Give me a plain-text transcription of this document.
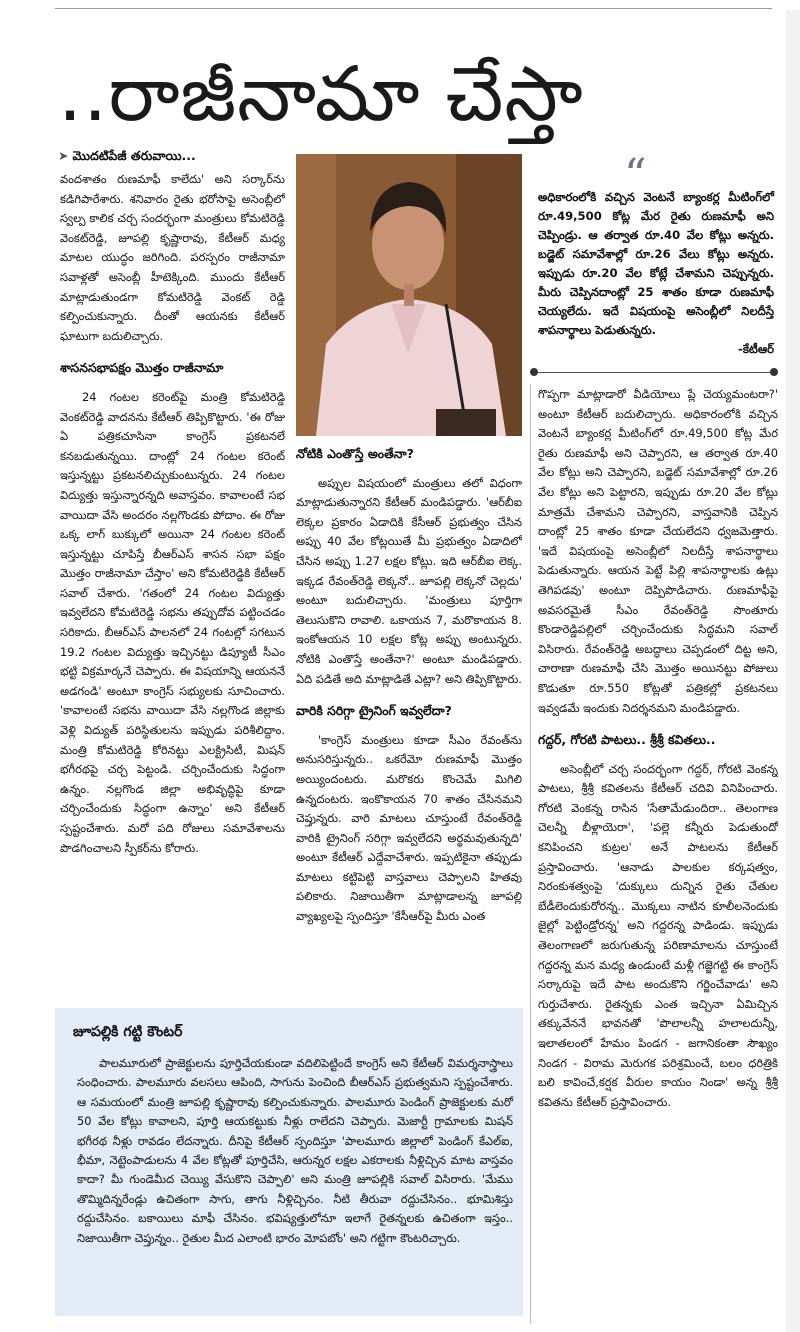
..రాజీనామా చేస్తా
➤ మొదటిపేజీ తరువాయి...

వందశాతం రుణమాఫీ కాలేదు' అని సర్కార్‌ను కడిగిపారేశారు. శనివారం రైతు భరోసాపై అసెంబ్లీలో స్వల్ప కాలిక చర్చ సందర్భంగా మంత్రులు కోమటిరెడ్డి వెంకట్‌రెడ్డి, జూపల్లి కృష్ణారావు, కేటీఆర్ మధ్య మాటల యుద్ధం జరిగింది. పరస్పరం రాజీనామా సవాళ్లతో అసెంబ్లీ హీటెక్కింది. ముందు కేటీఆర్ మాట్లాడుతుండగా కోమటిరెడ్డి వెంకట్ రెడ్డి కల్పించుకున్నారు. దీంతో ఆయనకు కేటీఆర్ ఘాటుగా బదులిచ్చారు.

శాసనసభాపక్షం మొత్తం రాజీనామా

24 గంటల కరెంట్‌పై మంత్రి కోమటిరెడ్డి వెంకట్‌రెడ్డి వాదనను కేటీఆర్ తిప్పికొట్టారు. 'ఈ రోజు ఏ పత్రికచూసినా కాంగ్రెస్ ప్రకటనలే కనబడుతున్నయి. దాంట్లో 24 గంటల కరెంట్ ఇస్తున్నట్టు ప్రకటనలిచ్చుకుంటున్నరు. 24 గంటల విద్యుత్తు ఇస్తున్నారన్నది అవాస్తవం. కావాలంటే సభ వాయిదా వేసి అందరం నల్లగొండకు పోదాం. ఈ రోజు ఒక్క లాగ్ బుక్కులో అయినా 24 గంటల కరెంట్ ఇస్తున్నట్టు చూపిస్తే బీఆర్ఎస్ శాసన సభా పక్షం మొత్తం రాజీనామా చేస్తాం' అని కోమటిరెడ్డికి కేటీఆర్ సవాల్ చేశారు. 'గతంలో 24 గంటల విద్యుత్తు ఇవ్వలేదని కోమటిరెడ్డి సభను తప్పుదోవ పట్టించడం సరికాదు. బీఆర్ఎస్ పాలనలో 24 గంటల్లో సగటున 19.2 గంటల విద్యుత్తు ఇచ్చినట్టు డిప్యూటీ సీఎం భట్టి విక్రమార్కనే చెప్పారు. ఈ విషయాన్ని ఆయననే అడగండి' అంటూ కాంగ్రెస్ సభ్యులకు సూచించారు. 'కావాలంటే సభను వాయిదా వేసి నల్లగొండ జిల్లాకు వెళ్లి విద్యుత్ పరిస్థితులను ఇప్పుడు పరిశీలిద్దాం. మంత్రి కోమటిరెడ్డి కోరినట్టు ఎలక్ట్రిసిటీ, మిషన్ భగీరథపై చర్చ పెట్టండి. చర్చించేందుకు సిద్ధంగా ఉన్నం. నల్లగొండ జిల్లా అభివృద్ధిపై కూడా చర్చించేందుకు సిద్ధంగా ఉన్నాం' అని కేటీఆర్ స్పష్టంచేశారు. మరో పది రోజులు సమావేశాలను పొడగించాలని స్పీకర్‌ను కోరారు.

“
అధికారంలోకి వచ్చిన వెంటనే బ్యాంకర్ల మీటింగ్‌లో రూ.49,500 కోట్ల మేర రైతు రుణమాఫీ అని చెప్పిండ్రు. ఆ తర్వాత రూ.40 వేల కోట్లు అన్నరు. బడ్జెట్ సమావేశాల్లో రూ.26 వేలు కోట్లు అన్నరు. ఇప్పుడు రూ.20 వేల కోట్లే చేశామని చెప్పున్నరు. మీరు చెప్పినదాంట్లో 25 శాతం కూడా రుణమాఫీ చెయ్యలేదు. ఇదే విషయంపై అసెంబ్లీలో నిలదీస్తే శాపనార్థాలు పెడుతున్నరు.
-కేటీఆర్

నోటికి ఎంతొస్తే అంతేనా?

అప్పుల విషయంలో మంత్రులు తలో విధంగా మాట్లాడుతున్నారని కేటీఆర్ మండిపడ్డారు. 'ఆర్‌బీఐ లెక్కల ప్రకారం ఏడాదికి కేసీఆర్ ప్రభుత్వం చేసిన అప్పు 40 వేల కోట్లయితే మీ ప్రభుత్వం ఏడాదిలో చేసిన అప్పు 1.27 లక్షల కోట్లు. ఇది ఆర్‌బీఐ లెక్క. ఇక్కడ రేవంత్‌రెడ్డి లెక్కనో.. జూపల్లి లెక్కనో చెల్లదు' అంటూ బదులిచ్చారు. 'మంత్రులు పూర్తిగా తెలుసుకొని రావాలి. ఒకాయన 7, మరొకాయన 8. ఇంకోఆయన 10 లక్షల కోట్ల అప్పు అంటున్నరు. నోటికి ఎంతొస్తే అంతేనా?' అంటూ మండిపడ్డారు. ఏది పడితే అది మాట్లాడితే ఎట్లా? అని తిప్పికొట్టారు.

వారికి సరిగ్గా ట్రైనింగ్ ఇవ్వలేదా?

'కాంగ్రెస్ మంత్రులు కూడా సీఎం రేవంత్‌ను అనుసరిస్తున్నరు.. ఒకరేమో రుణమాఫీ మొత్తం అయ్యిందంటరు. మరొకరు కొంచెమే మిగిలి ఉన్నదంటరు. ఇంకొకాయన 70 శాతం చేసినమని చెప్తున్నరు. వారి మాటలు చూస్తుంటే రేవంత్‌రెడ్డి వారికి ట్రైనింగ్ సరిగ్గా ఇవ్వలేదని అర్థమవుతున్నది' అంటూ కేటీఆర్ ఎద్దేవాచేశారు. ఇప్పటికైనా తప్పుడు మాటలు కట్టిపెట్టి వాస్తవాలు చెప్పాలని హితవు పలికారు. నిజాయితీగా మాట్లాడాలన్న జూపల్లి వ్యాఖ్యలపై స్పందిస్తూ 'కేసీఆర్‌పై మీరు ఎంత

గొప్పగా మాట్లాడారో వీడియోలు ప్లే చెయ్యమంటరా?' అంటూ కేటీఆర్ బదులిచ్చారు. అధికారంలోకి వచ్చిన వెంటనే బ్యాంకర్ల మీటింగ్‌లో రూ.49,500 కోట్ల మేర రైతు రుణమాఫీ అని చెప్పారని, ఆ తర్వాత రూ.40 వేల కోట్లు అని చెప్పారని, బడ్జెట్ సమావేశాల్లో రూ.26 వేల కోట్లు అని పెట్టారని, ఇప్పుడు రూ.20 వేల కోట్లు మాత్రమే చేశామని చెప్పారని, వాస్తవానికి చెప్పిన దాంట్లో 25 శాతం కూడా చేయలేదని ధ్వజమెత్తారు. 'ఇదే విషయంపై అసెంబ్లీలో నిలదీస్తే శాపనార్థాలు పెడుతున్నారు. ఆయన పెట్టే పిల్లి శాపనార్థాలకు ఉట్లు తెగిపడవు' అంటూ దెప్పిపొడిచారు. రుణమాఫీపై అవసరమైతే సీఎం రేవంత్‌రెడ్డి సొంతూరు కొండారెడ్డిపల్లిలో చర్చించేందుకు సిద్ధమని సవాల్ విసిరారు. రేవంత్‌రెడ్డి అబద్ధాలు చెప్పడంలో దిట్ట అని, చారాణా రుణమాఫీ చేసి మొత్తం అయినట్టు పోజులు కొడుతూ రూ.550 కోట్లతో పత్రికల్లో ప్రకటనలు ఇవ్వడమే ఇందుకు నిదర్శనమని మండిపడ్డారు.

గద్దర్, గోరటి పాటలు.. శ్రీశ్రీ కవితలు..

అసెంబ్లీలో చర్చ సందర్భంగా గద్దర్, గోరటి వెంకన్న పాటలు, శ్రీశ్రీ కవితలను కేటీఆర్ చదివి వినిపించారు. గోరటి వెంకన్న రాసిన 'సేతామేడుందిరా.. తెలంగాణ చెలన్నీ బీళ్లాయెరా', 'పల్లె కన్నీరు పెడుతుందో కనిపించని కుట్రల' అనే పాటలను కేటీఆర్ ప్రస్తావించారు. 'ఆనాడు పాలకుల కర్కషత్వం, నిరంకుశత్వంపై 'దుక్కులు దున్నిన రైతు చేతుల బేడీలెందుకురోరన్న.. మొక్కలు నాటిన కూలీలనెందుకు జైల్లో పెట్టిండ్రోరన్న' అని గద్దరన్న పాడిండు. ఇప్పుడు తెలంగాణలో జరుగుతున్న పరిణామాలను చూస్తుంటే గద్దరన్న మన మధ్య ఉండుంటే మళ్లీ గజ్జెగట్టి ఈ కాంగ్రెస్ సర్కారుపై ఇదే పాట అందుకొని గర్జించేవాడు' అని గుర్తుచేశారు. రైతన్నకు ఎంత ఇచ్చినా ఏమిచ్చిన తక్కువేననే భావనతో 'పొలాలన్నీ హలాలదున్నీ, ఇలాతలంలో హేమం పిండగ - జగానికంతా సౌఖ్యం నిండగ - విరామ మెరుగక పరిశ్రమించే, బలం ధరిత్రికి బలి కావించే,కర్షక వీరుల కాయం నిండా' అన్న శ్రీశ్రీ కవితను కేటీఆర్ ప్రస్తావించారు.

జూపల్లికి గట్టి కౌంటర్

పాలమూరులో ప్రాజెక్టులను పూర్తిచేయకుండా వదిలిపెట్టిందే కాంగ్రెస్ అని కేటీఆర్ విమర్శనాస్త్రాలు సంధించారు. పాలమూరు వలసలు ఆపింది, సాగును పెంచింది బీఆర్ఎస్ ప్రభుత్వమని స్పష్టంచేశారు. ఆ సమయంలో మంత్రి జూపల్లి కృష్ణారావు కల్పించుకున్నారు. పాలమూరు పెండింగ్ ప్రాజెక్టులకు మరో 50 వేల కోట్లు కావాలని, పూర్తి ఆయకట్టుకు నీళ్లు రాలేదని చెప్పారు. మెజార్టీ గ్రామాలకు మిషన్ భగీరథ నీళ్లు రావడం లేదన్నారు. దీనిపై కేటీఆర్ స్పందిస్తూ 'పాలమూరు జిల్లాలో పెండింగ్ కేఎల్ఐ, భీమా, నెట్టెంపాడులను 4 వేల కోట్లతో పూర్తిచేసి, ఆరున్నర లక్షల ఎకరాలకు నీళ్లిచ్చిన మాట వాస్తవం కాదా? మీ గుండెమీద చెయ్యి వేసుకొని చెప్పాలి' అని మంత్రి జూపల్లికి సవాల్ విసిరారు. 'మేము తొమ్మిదిన్నరేండ్లు ఉచితంగా సాగు, తాగు నీళ్లిచ్చినం. నీటి తీరువా రద్దుచేసినం.. భూమిశిస్తు రద్దుచేసినం. బకాయిలు మాఫీ చేసినం. భవిష్యత్తులోనూ ఇలాగే రైతన్నలకు ఉచితంగా ఇస్తం.. నిజాయితీగా చెప్తున్నం.. రైతుల మీద ఎలాంటి భారం మోపబోం' అని గట్టిగా కౌంటరిచ్చారు.
